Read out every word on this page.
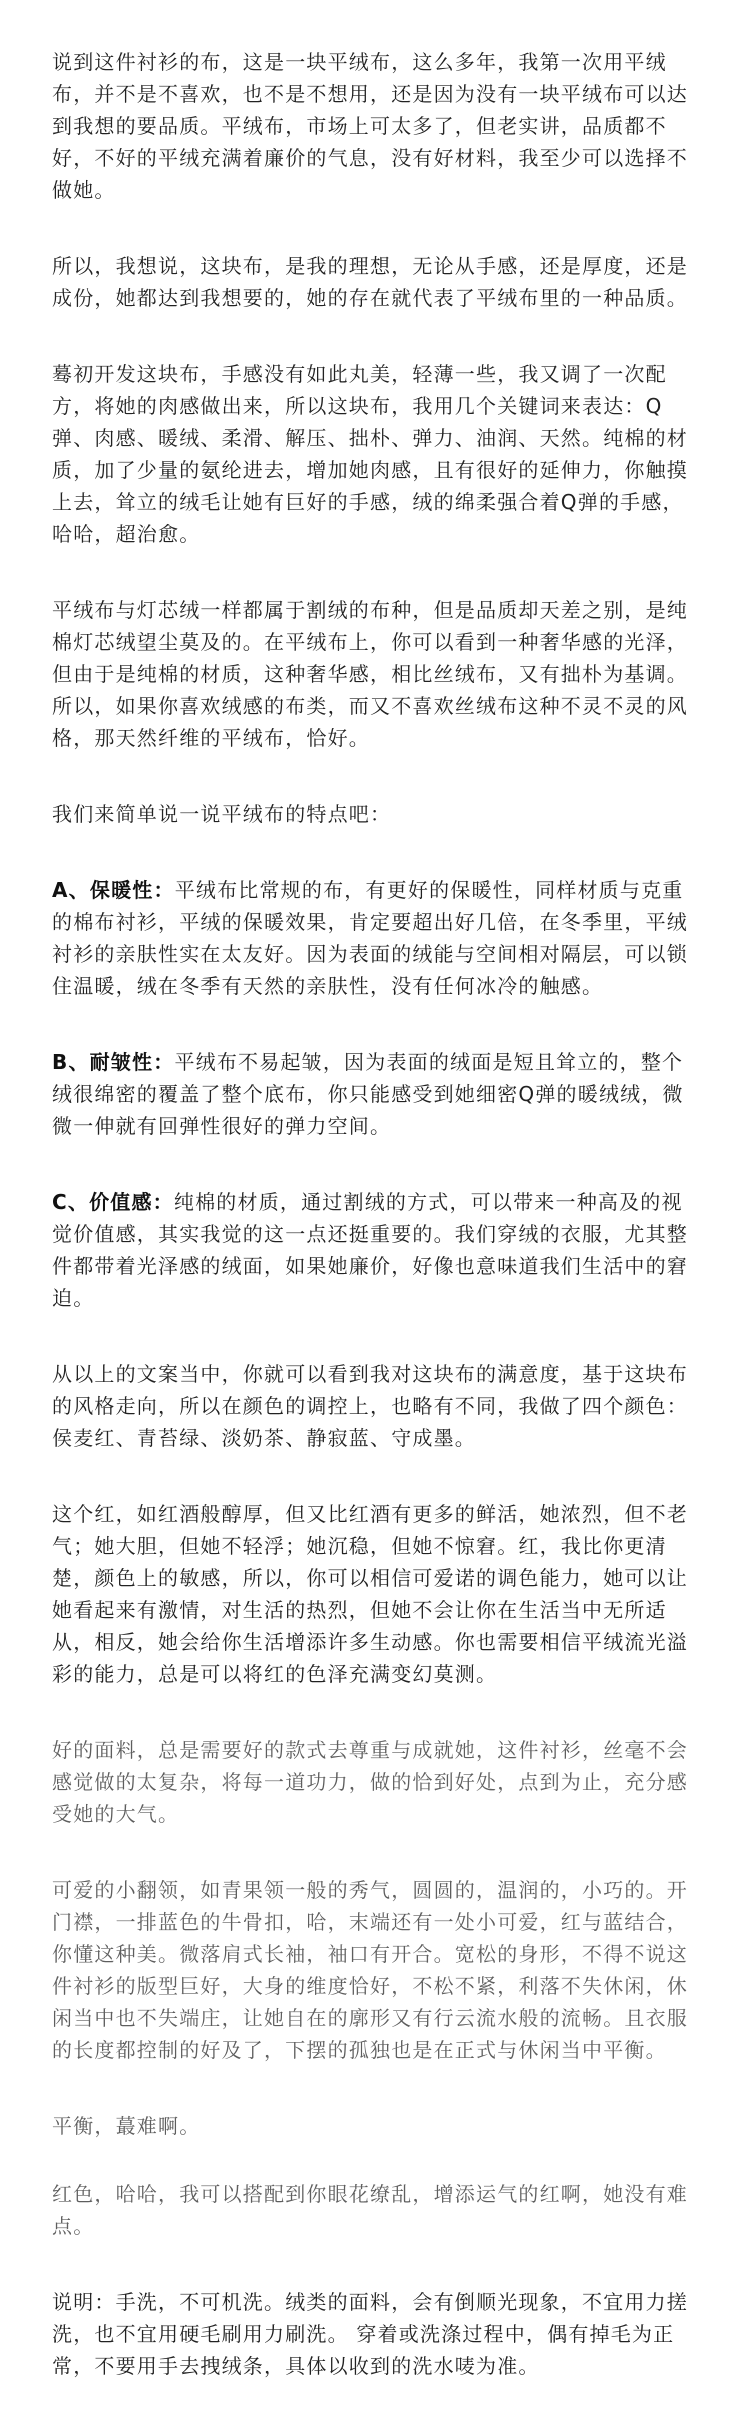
说到这件衬衫的布，这是一块平绒布，这么多年，我第一次用平绒布，并不是不喜欢，也不是不想用，还是因为没有一块平绒布可以达到我想的要品质。平绒布，市场上可太多了，但老实讲，品质都不好，不好的平绒充满着廉价的气息，没有好材料，我至少可以选择不做她。

所以，我想说，这块布，是我的理想，无论从手感，还是厚度，还是成份，她都达到我想要的，她的存在就代表了平绒布里的一种品质。

蓦初开发这块布，手感没有如此丸美，轻薄一些，我又调了一次配方，将她的肉感做出来，所以这块布，我用几个关键词来表达：Q弹、肉感、暖绒、柔滑、解压、拙朴、弹力、油润、天然。纯棉的材质，加了少量的氨纶进去，增加她肉感，且有很好的延伸力，你触摸上去，耸立的绒毛让她有巨好的手感，绒的绵柔强合着Q弹的手感，哈哈，超治愈。

平绒布与灯芯绒一样都属于割绒的布种，但是品质却天差之别，是纯棉灯芯绒望尘莫及的。在平绒布上，你可以看到一种奢华感的光泽，但由于是纯棉的材质，这种奢华感，相比丝绒布，又有拙朴为基调。所以，如果你喜欢绒感的布类，而又不喜欢丝绒布这种不灵不灵的风格，那天然纤维的平绒布，恰好。

我们来简单说一说平绒布的特点吧：

A、保暖性：平绒布比常规的布，有更好的保暖性，同样材质与克重的棉布衬衫，平绒的保暖效果，肯定要超出好几倍，在冬季里，平绒衬衫的亲肤性实在太友好。因为表面的绒能与空间相对隔层，可以锁住温暖，绒在冬季有天然的亲肤性，没有任何冰冷的触感。

B、耐皱性：平绒布不易起皱，因为表面的绒面是短且耸立的，整个绒很绵密的覆盖了整个底布，你只能感受到她细密Q弹的暖绒绒，微微一伸就有回弹性很好的弹力空间。

C、价值感：纯棉的材质，通过割绒的方式，可以带来一种高及的视觉价值感，其实我觉的这一点还挺重要的。我们穿绒的衣服，尤其整件都带着光泽感的绒面，如果她廉价，好像也意味道我们生活中的窘迫。

从以上的文案当中，你就可以看到我对这块布的满意度，基于这块布的风格走向，所以在颜色的调控上，也略有不同，我做了四个颜色：侯麦红、青苔绿、淡奶茶、静寂蓝、守成墨。

这个红，如红酒般醇厚，但又比红酒有更多的鲜活，她浓烈，但不老气；她大胆，但她不轻浮；她沉稳，但她不惊窘。红，我比你更清楚，颜色上的敏感，所以，你可以相信可爱诺的调色能力，她可以让她看起来有激情，对生活的热烈，但她不会让你在生活当中无所适从，相反，她会给你生活增添许多生动感。你也需要相信平绒流光溢彩的能力，总是可以将红的色泽充满变幻莫测。

好的面料，总是需要好的款式去尊重与成就她，这件衬衫，丝毫不会感觉做的太复杂，将每一道功力，做的恰到好处，点到为止，充分感受她的大气。

可爱的小翻领，如青果领一般的秀气，圆圆的，温润的，小巧的。开门襟，一排蓝色的牛骨扣，哈，末端还有一处小可爱，红与蓝结合，你懂这种美。微落肩式长袖，袖口有开合。宽松的身形，不得不说这件衬衫的版型巨好，大身的维度恰好，不松不紧，利落不失休闲，休闲当中也不失端庄，让她自在的廓形又有行云流水般的流畅。且衣服的长度都控制的好及了，下摆的孤独也是在正式与休闲当中平衡。

平衡，蕞难啊。

红色，哈哈，我可以搭配到你眼花缭乱，增添运气的红啊，她没有难点。

说明：手洗，不可机洗。绒类的面料，会有倒顺光现象，不宜用力搓洗，也不宜用硬毛刷用力刷洗。 穿着或洗涤过程中，偶有掉毛为正常，不要用手去拽绒条，具体以收到的洗水唛为准。
